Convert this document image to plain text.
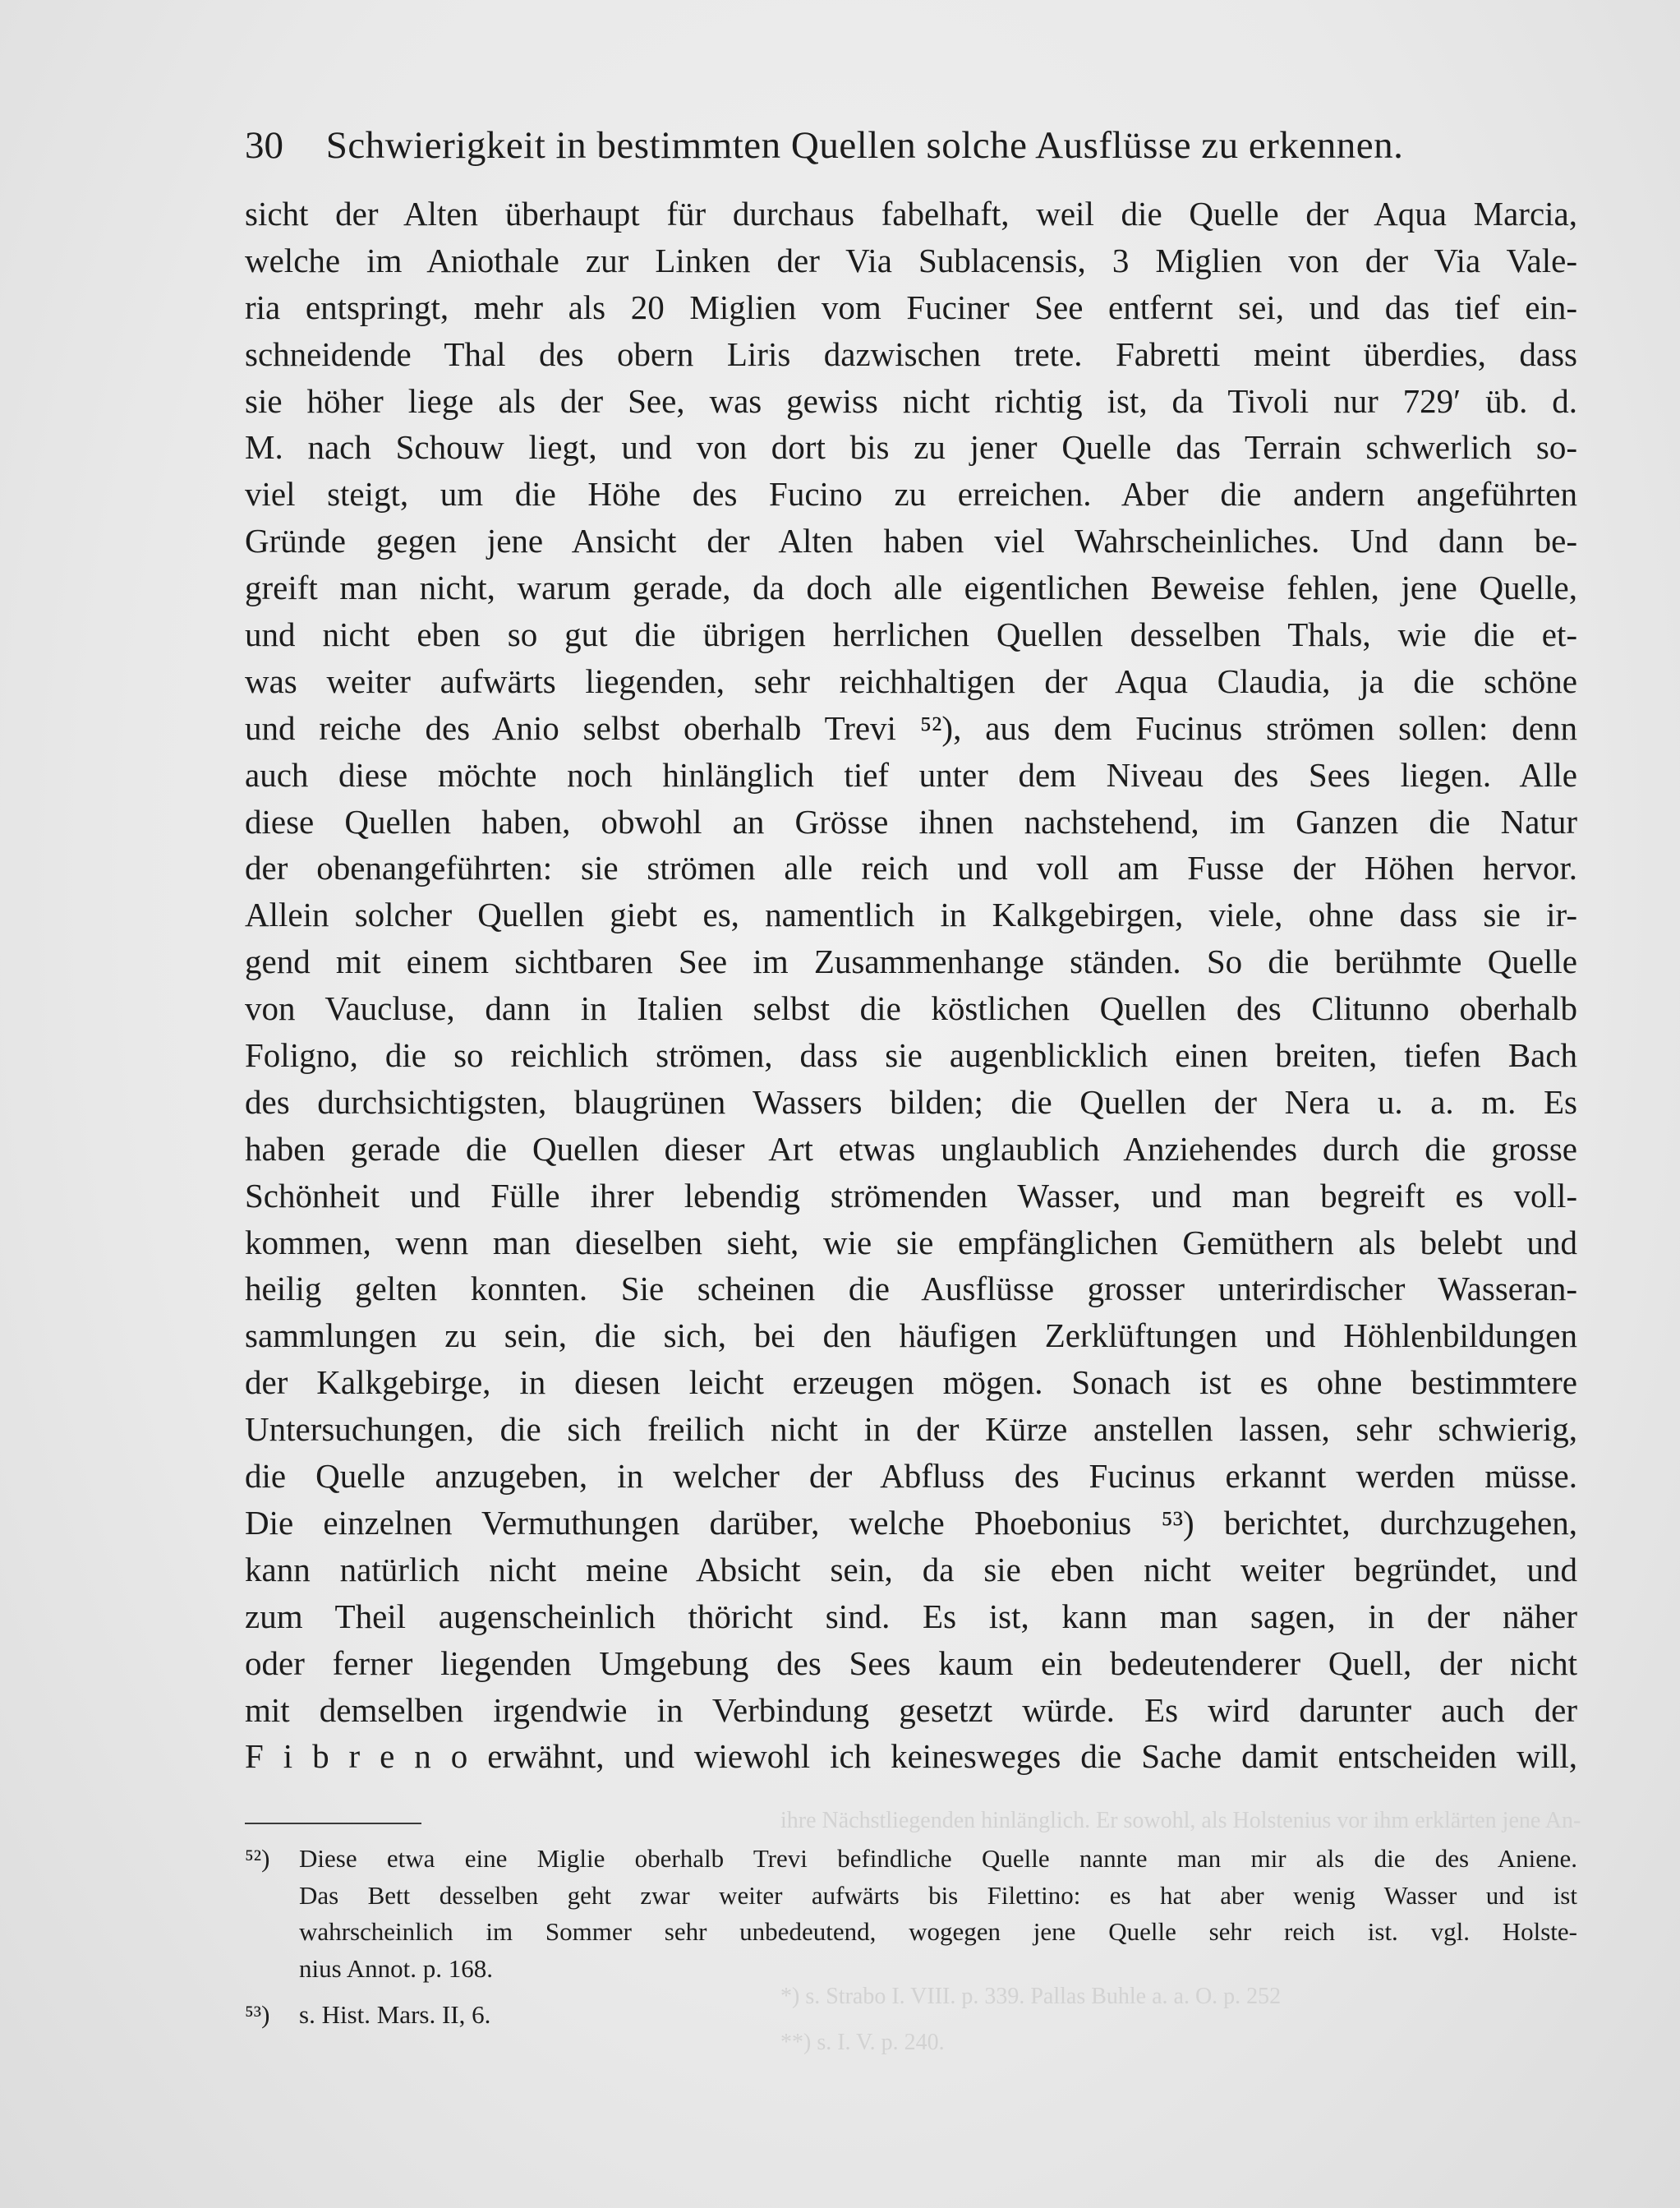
ihre Nächstliegenden hinlänglich. Er sowohl, als Holstenius vor ihm erklärten jene An-
*) s. Strabo I. VIII. p. 339. Pallas Buhle a. a. O. p. 252
**) s. I. V. p. 240.
30 Schwierigkeit in bestimmten Quellen solche Ausflüsse zu erkennen.
sicht der Alten überhaupt für durchaus fabelhaft, weil die Quelle der Aqua Marcia,
welche im Aniothale zur Linken der Via Sublacensis, 3 Miglien von der Via Vale-
ria entspringt, mehr als 20 Miglien vom Fuciner See entfernt sei, und das tief ein-
schneidende Thal des obern Liris dazwischen trete. Fabretti meint überdies, dass
sie höher liege als der See, was gewiss nicht richtig ist, da Tivoli nur 729′ üb. d.
M. nach Schouw liegt, und von dort bis zu jener Quelle das Terrain schwerlich so-
viel steigt, um die Höhe des Fucino zu erreichen. Aber die andern angeführten
Gründe gegen jene Ansicht der Alten haben viel Wahrscheinliches. Und dann be-
greift man nicht, warum gerade, da doch alle eigentlichen Beweise fehlen, jene Quelle,
und nicht eben so gut die übrigen herrlichen Quellen desselben Thals, wie die et-
was weiter aufwärts liegenden, sehr reichhaltigen der Aqua Claudia, ja die schöne
und reiche des Anio selbst oberhalb Trevi ⁵²), aus dem Fucinus strömen sollen: denn
auch diese möchte noch hinlänglich tief unter dem Niveau des Sees liegen. Alle
diese Quellen haben, obwohl an Grösse ihnen nachstehend, im Ganzen die Natur
der obenangeführten: sie strömen alle reich und voll am Fusse der Höhen hervor.
Allein solcher Quellen giebt es, namentlich in Kalkgebirgen, viele, ohne dass sie ir-
gend mit einem sichtbaren See im Zusammenhange ständen. So die berühmte Quelle
von Vaucluse, dann in Italien selbst die köstlichen Quellen des Clitunno oberhalb
Foligno, die so reichlich strömen, dass sie augenblicklich einen breiten, tiefen Bach
des durchsichtigsten, blaugrünen Wassers bilden; die Quellen der Nera u. a. m. Es
haben gerade die Quellen dieser Art etwas unglaublich Anziehendes durch die grosse
Schönheit und Fülle ihrer lebendig strömenden Wasser, und man begreift es voll-
kommen, wenn man dieselben sieht, wie sie empfänglichen Gemüthern als belebt und
heilig gelten konnten. Sie scheinen die Ausflüsse grosser unterirdischer Wasseran-
sammlungen zu sein, die sich, bei den häufigen Zerklüftungen und Höhlenbildungen
der Kalkgebirge, in diesen leicht erzeugen mögen. Sonach ist es ohne bestimmtere
Untersuchungen, die sich freilich nicht in der Kürze anstellen lassen, sehr schwierig,
die Quelle anzugeben, in welcher der Abfluss des Fucinus erkannt werden müsse.
Die einzelnen Vermuthungen darüber, welche Phoebonius ⁵³) berichtet, durchzugehen,
kann natürlich nicht meine Absicht sein, da sie eben nicht weiter begründet, und
zum Theil augenscheinlich thöricht sind. Es ist, kann man sagen, in der näher
oder ferner liegenden Umgebung des Sees kaum ein bedeutenderer Quell, der nicht
mit demselben irgendwie in Verbindung gesetzt würde. Es wird darunter auch der
F i b r e n o erwähnt, und wiewohl ich keinesweges die Sache damit entscheiden will,
⁵²) Diese etwa eine Miglie oberhalb Trevi befindliche Quelle nannte man mir als die des Aniene.
Das Bett desselben geht zwar weiter aufwärts bis Filettino: es hat aber wenig Wasser und ist
wahrscheinlich im Sommer sehr unbedeutend, wogegen jene Quelle sehr reich ist. vgl. Holste-
nius Annot. p. 168.
⁵³) s. Hist. Mars. II, 6.
